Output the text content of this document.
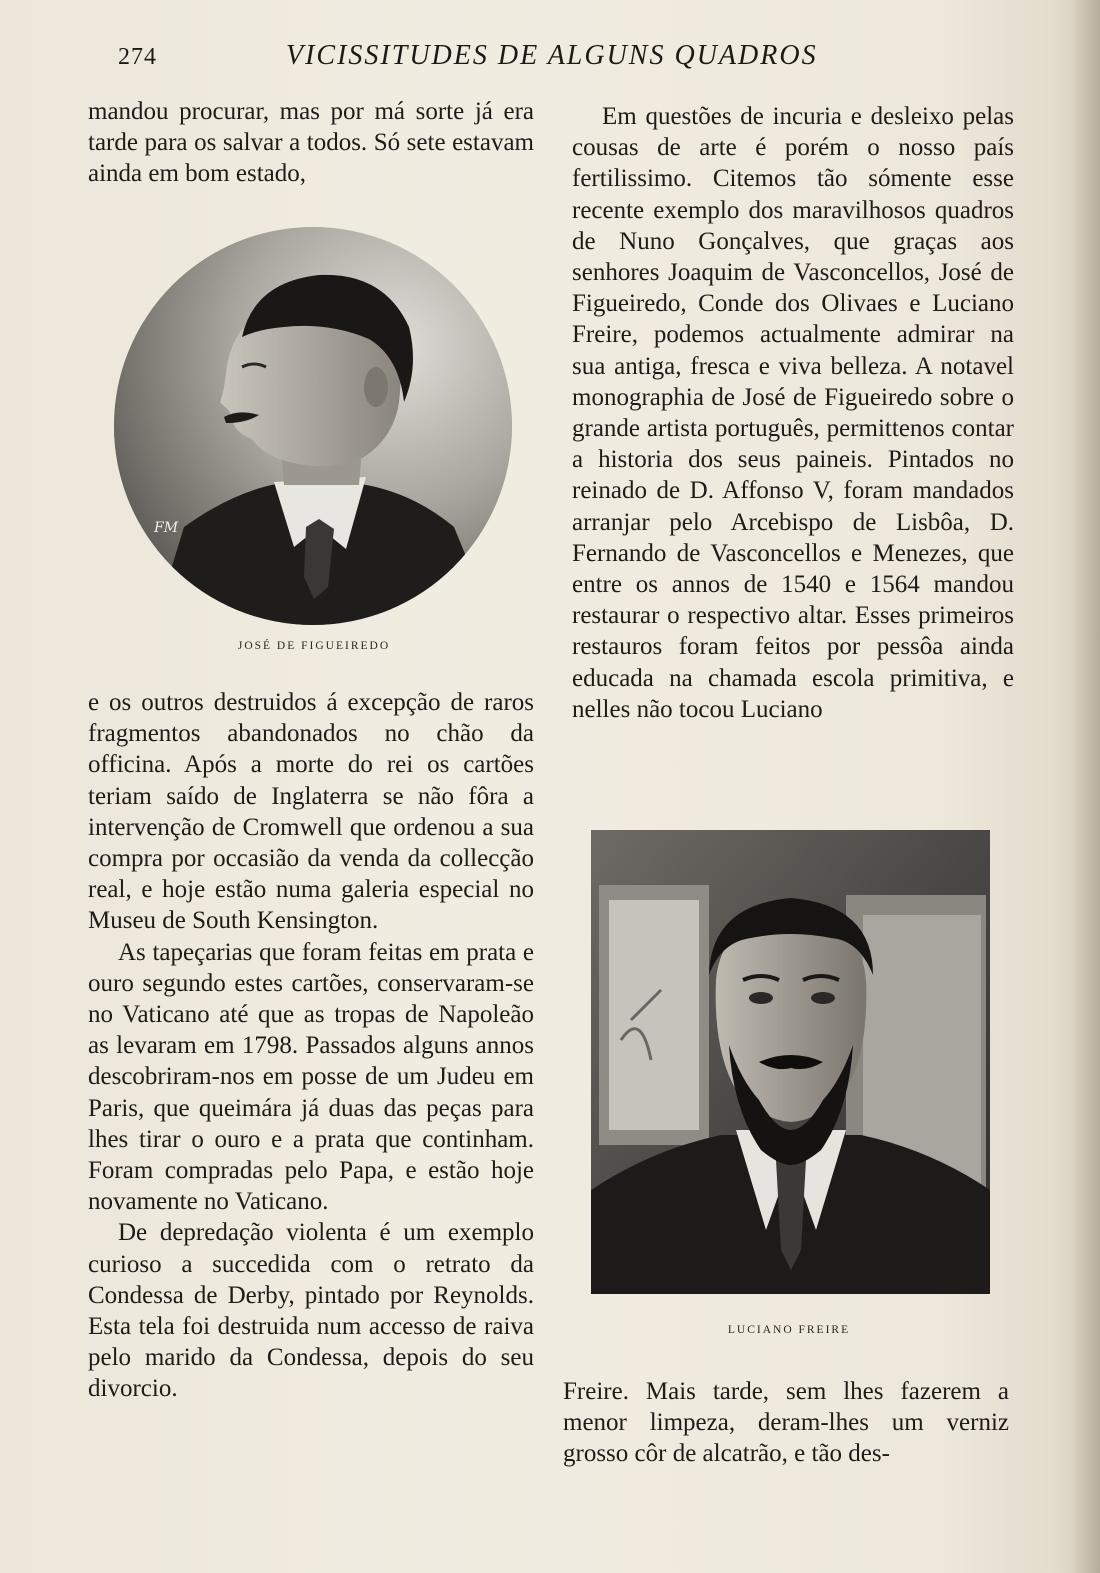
274	VICISSITUDES DE ALGUNS QUADROS

mandou procurar, mas por má sorte já era tarde para os salvar a todos. Só sete estavam ainda em bom estado,

FM
JOSÉ DE FIGUEIREDO

e os outros destruidos á excepção de raros fragmentos abandonados no chão da officina. Após a morte do rei os cartões teriam saído de Inglaterra se não fôra a intervenção de Cromwell que ordenou a sua compra por occasião da venda da collecção real, e hoje estão numa galeria especial no Museu de South Kensington.

As tapeçarias que foram feitas em prata e ouro segundo estes cartões, conservaram-se no Vaticano até que as tropas de Napoleão as levaram em 1798. Passados alguns annos descobriram-nos em posse de um Judeu em Paris, que queimára já duas das peças para lhes tirar o ouro e a prata que continham. Foram compradas pelo Papa, e estão hoje novamente no Vaticano.

De depredação violenta é um exemplo curioso a succedida com o retrato da Condessa de Derby, pintado por Reynolds. Esta tela foi destruida num accesso de raiva pelo marido da Condessa, depois do seu divorcio.

Em questões de incuria e desleixo pelas cousas de arte é porém o nosso país fertilissimo. Citemos tão sómente esse recente exemplo dos maravilhosos quadros de Nuno Gonçalves, que graças aos senhores Joaquim de Vasconcellos, José de Figueiredo, Conde dos Olivaes e Luciano Freire, podemos actualmente admirar na sua antiga, fresca e viva belleza. A notavel monographia de José de Figueiredo sobre o grande artista português, permittenos contar a historia dos seus paineis. Pintados no reinado de D. Affonso V, foram mandados arranjar pelo Arcebispo de Lisbôa, D. Fernando de Vasconcellos e Menezes, que entre os annos de 1540 e 1564 mandou restaurar o respectivo altar. Esses primeiros restauros foram feitos por pessôa ainda educada na chamada escola primitiva, e nelles não tocou Luciano

LUCIANO FREIRE

Freire. Mais tarde, sem lhes fazerem a menor limpeza, deram-lhes um verniz grosso côr de alcatrão, e tão des-
